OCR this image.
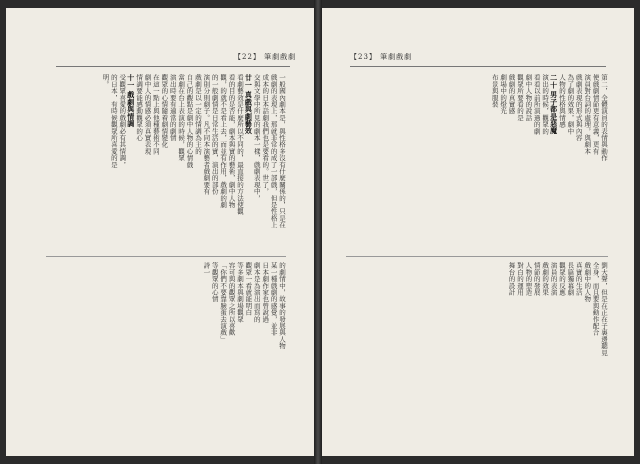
【22】 筆劇戲劇
一般國內劇本是，與性格多沒有什麼關係的，只是在
戲劇的表現上，那就非常的成了一部戲，但是性格上
成本的日本話劇我們也是要看的。世了，
交與文學中所見的劇本一樣，戲劇表現中，
廿一 真戲與劇藝效
看劇藝效是什麼所以不同的，最直接的方法使觀
看的目的是否能，劇本與實的藝術，劇中人物
觀，的就不是看上去，而並有作用，戲劇的劇
的一般劇情是日常生活的實，演出的部份
演則分則劇子。凡不同本演藝者戲劇要有
戲劇是以一定的情調為主的
自己的觀點是劇中人物的心情戲
當劇在台上表演的時候，觀眾
演出時要有適當的劇情
觀眾的心情隨着劇情變化
在這一點上與他種藝術不同
劇中人的情感必須真實表現
情調要能感動觀眾的心
十一 戲劇與情調
受觀眾喜愛的戲劇必有其情調，
的日本，有時候觀眾所喜愛的是
明。
的劇情中，故事的發展與人物
某一種戲劇的感覺，並非
日本劇作家也曾說過
劇本是為演出而寫的
觀眾一看就能明白
等多劇本與劇場觀眾
容可與的觀眾之所以喜歡
「你們不要靠臉蛋去演戲」
等觀眾的心情
詩一
【23】 筆劇戲劇
第二，全體演員的表情與動作
使戲劇情節更有意義，更有
演員對台詞的處理，與劇本
戲劇表現的形式與內容
為了劇的效果，劇中
人物的性格與情感
二十 男子都是惡魔
演出的時候，觀眾的
看看以前所演過的劇
劇中人物的說話
觀眾所要看的是
戲劇的真實感
劇場中的燈光
布景與服裝
劉大聲，但是在正在子裏邊聽見
全身，而且要與動作配合
戲劇中的人物
真實的生活
長篇獨幕劇
觀眾的反應
演員的表演
戲劇的效果
情節的發展
人物的塑造
對白的運用
舞台的設計
